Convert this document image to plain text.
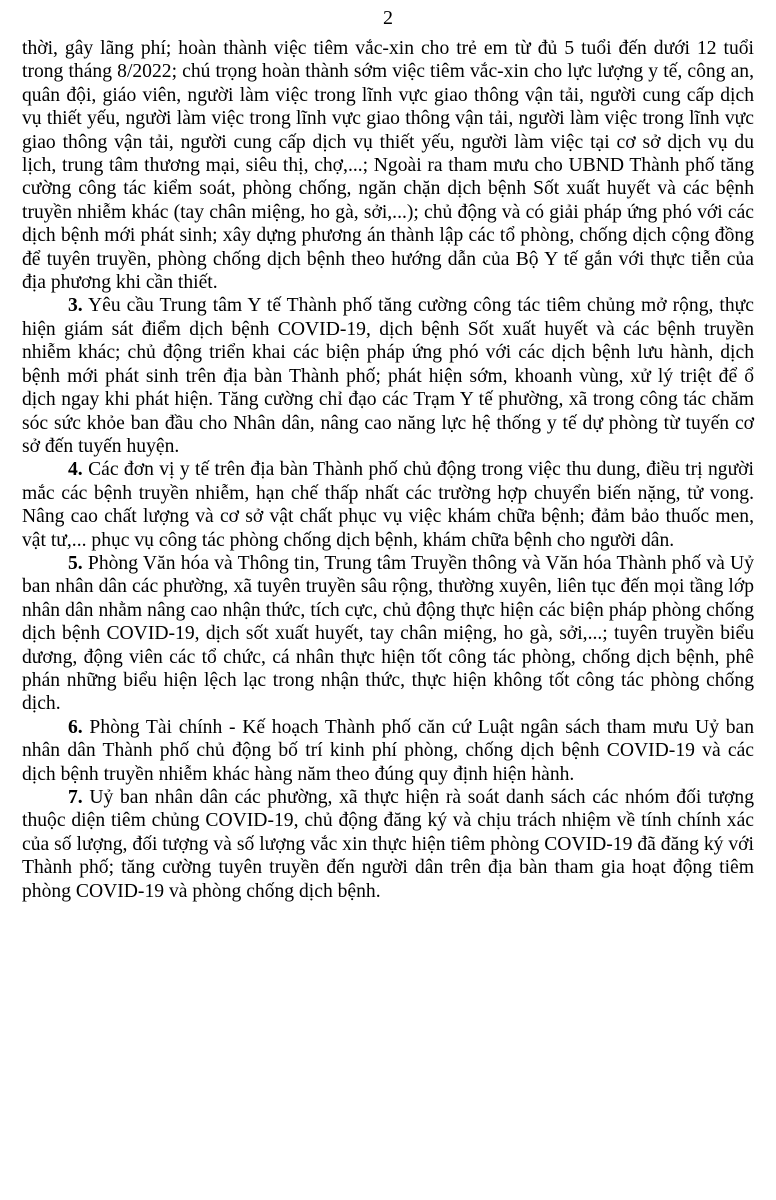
2

thời, gây lãng phí; hoàn thành việc tiêm vắc-xin cho trẻ em từ đủ 5 tuổi đến dưới 12 tuổi trong tháng 8/2022; chú trọng hoàn thành sớm việc tiêm vắc-xin cho lực lượng y tế, công an, quân đội, giáo viên, người làm việc trong lĩnh vực giao thông vận tải, người cung cấp dịch vụ thiết yếu, người làm việc trong lĩnh vực giao thông vận tải, người làm việc trong lĩnh vực giao thông vận tải, người cung cấp dịch vụ thiết yếu, người làm việc tại cơ sở dịch vụ du lịch, trung tâm thương mại, siêu thị, chợ,...; Ngoài ra tham mưu cho UBND Thành phố tăng cường công tác kiểm soát, phòng chống, ngăn chặn dịch bệnh Sốt xuất huyết và các bệnh truyền nhiễm khác (tay chân miệng, ho gà, sởi,...); chủ động và có giải pháp ứng phó với các dịch bệnh mới phát sinh; xây dựng phương án thành lập các tổ phòng, chống dịch cộng đồng để tuyên truyền, phòng chống dịch bệnh theo hướng dẫn của Bộ Y tế gắn với thực tiễn của địa phương khi cần thiết.

3. Yêu cầu Trung tâm Y tế Thành phố tăng cường công tác tiêm chủng mở rộng, thực hiện giám sát điểm dịch bệnh COVID-19, dịch bệnh Sốt xuất huyết và các bệnh truyền nhiễm khác; chủ động triển khai các biện pháp ứng phó với các dịch bệnh lưu hành, dịch bệnh mới phát sinh trên địa bàn Thành phố; phát hiện sớm, khoanh vùng, xử lý triệt để ổ dịch ngay khi phát hiện. Tăng cường chỉ đạo các Trạm Y tế phường, xã trong công tác chăm sóc sức khỏe ban đầu cho Nhân dân, nâng cao năng lực hệ thống y tế dự phòng từ tuyến cơ sở đến tuyến huyện.

4. Các đơn vị y tế trên địa bàn Thành phố chủ động trong việc thu dung, điều trị người mắc các bệnh truyền nhiễm, hạn chế thấp nhất các trường hợp chuyển biến nặng, tử vong. Nâng cao chất lượng và cơ sở vật chất phục vụ việc khám chữa bệnh; đảm bảo thuốc men, vật tư,... phục vụ công tác phòng chống dịch bệnh, khám chữa bệnh cho người dân.

5. Phòng Văn hóa và Thông tin, Trung tâm Truyền thông và Văn hóa Thành phố và Uỷ ban nhân dân các phường, xã tuyên truyền sâu rộng, thường xuyên, liên tục đến mọi tầng lớp nhân dân nhằm nâng cao nhận thức, tích cực, chủ động thực hiện các biện pháp phòng chống dịch bệnh COVID-19, dịch sốt xuất huyết, tay chân miệng, ho gà, sởi,...; tuyên truyền biểu dương, động viên các tổ chức, cá nhân thực hiện tốt công tác phòng, chống dịch bệnh, phê phán những biểu hiện lệch lạc trong nhận thức, thực hiện không tốt công tác phòng chống dịch.

6. Phòng Tài chính - Kế hoạch Thành phố căn cứ Luật ngân sách tham mưu Uỷ ban nhân dân Thành phố chủ động bố trí kinh phí phòng, chống dịch bệnh COVID-19 và các dịch bệnh truyền nhiễm khác hàng năm theo đúng quy định hiện hành.

7. Uỷ ban nhân dân các phường, xã thực hiện rà soát danh sách các nhóm đối tượng thuộc diện tiêm chủng COVID-19, chủ động đăng ký và chịu trách nhiệm về tính chính xác của số lượng, đối tượng và số lượng vắc xin thực hiện tiêm phòng COVID-19 đã đăng ký với Thành phố; tăng cường tuyên truyền đến người dân trên địa bàn tham gia hoạt động tiêm phòng COVID-19 và phòng chống dịch bệnh.
